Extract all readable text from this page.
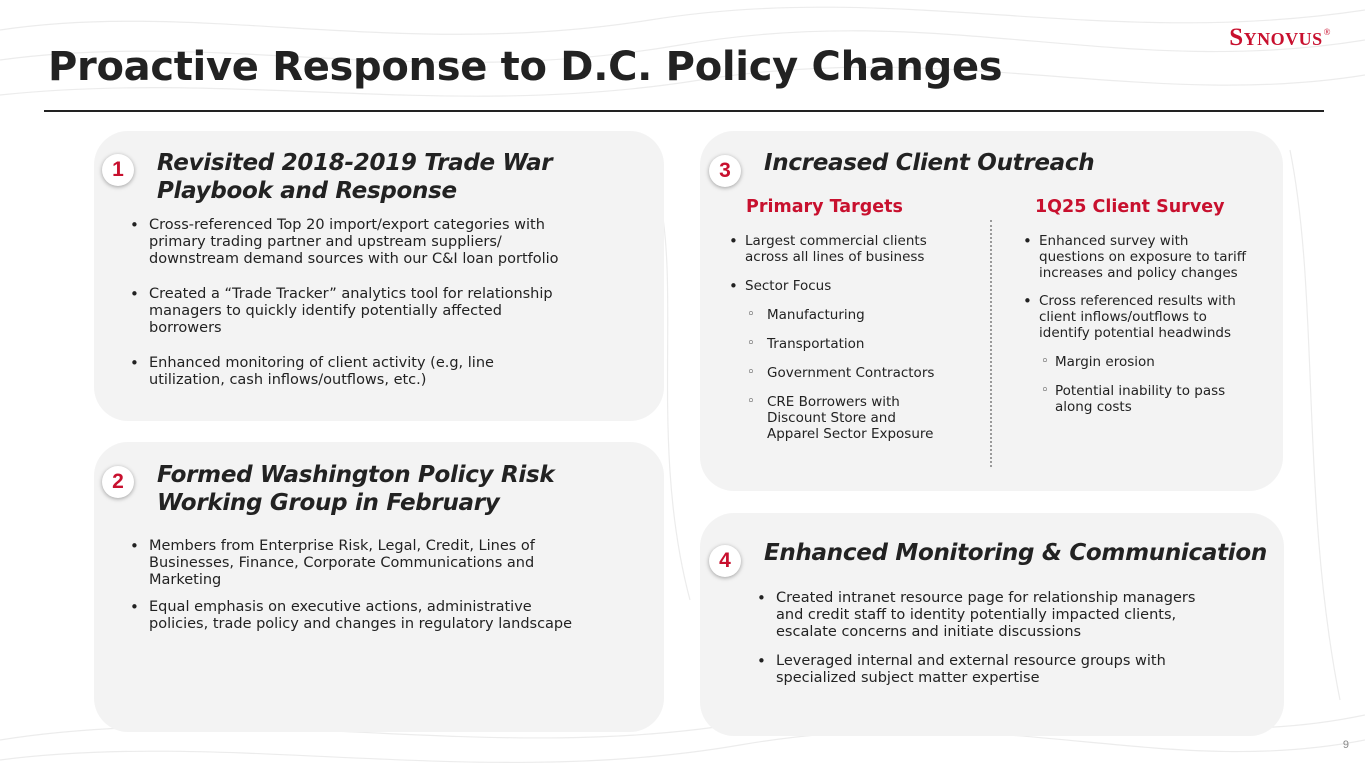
Synovus®
Proactive Response to D.C. Policy Changes
1	Revisited 2018-2019 Trade War
Playbook and Response
• Cross-referenced Top 20 import/export categories with
primary trading partner and upstream suppliers/
downstream demand sources with our C&I loan portfolio
• Created a “Trade Tracker” analytics tool for relationship
managers to quickly identify potentially affected
borrowers
• Enhanced monitoring of client activity (e.g, line
utilization, cash inflows/outflows, etc.)
2	Formed Washington Policy Risk
Working Group in February
• Members from Enterprise Risk, Legal, Credit, Lines of
Businesses, Finance, Corporate Communications and
Marketing
• Equal emphasis on executive actions, administrative
policies, trade policy and changes in regulatory landscape
3	Increased Client Outreach
Primary Targets
• Largest commercial clients
across all lines of business
• Sector Focus
◦ Manufacturing
◦ Transportation
◦ Government Contractors
◦ CRE Borrowers with
Discount Store and
Apparel Sector Exposure
1Q25 Client Survey
• Enhanced survey with
questions on exposure to tariff
increases and policy changes
• Cross referenced results with
client inflows/outflows to
identify potential headwinds
◦ Margin erosion
◦ Potential inability to pass
along costs
4	Enhanced Monitoring & Communication
• Created intranet resource page for relationship managers
and credit staff to identity potentially impacted clients,
escalate concerns and initiate discussions
• Leveraged internal and external resource groups with
specialized subject matter expertise
9
